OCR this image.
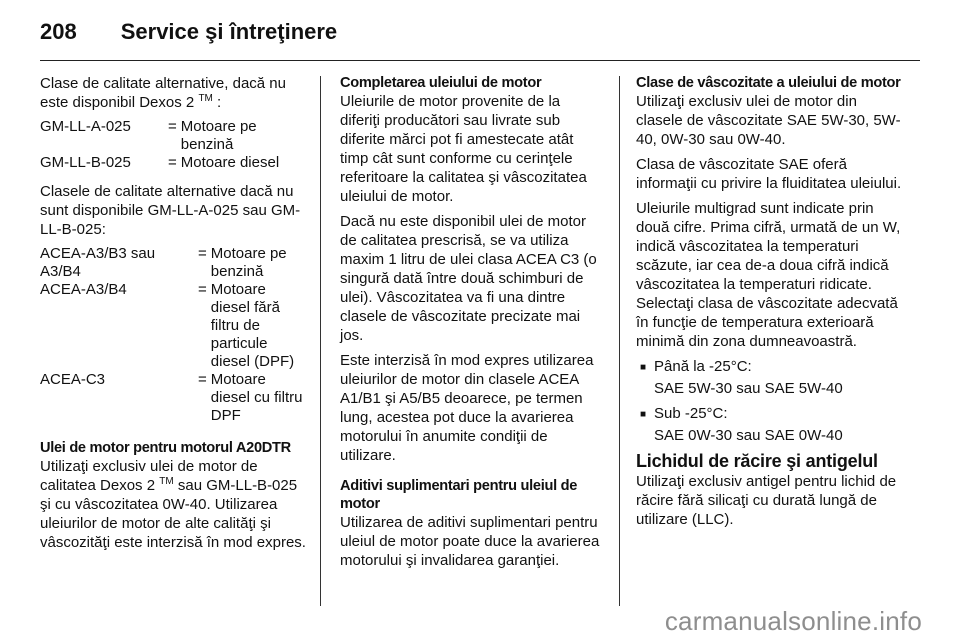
208 Service şi întreţinere

Clase de calitate alternative, dacă nu este disponibil Dexos 2 ™ :

GM-LL-A-025	=	Motoare pe benzină
GM-LL-B-025	=	Motoare diesel

Clasele de calitate alternative dacă nu sunt disponibile GM-LL-A-025 sau GM-LL-B-025:

ACEA-A3/B3 sau A3/B4	=	Motoare pe benzină
ACEA-A3/B4	=	Motoare diesel fără filtru de particule diesel (DPF)
ACEA-C3	=	Motoare diesel cu filtru DPF
Ulei de motor pentru motorul A20DTR

Utilizaţi exclusiv ulei de motor de calitatea Dexos 2 ™ sau GM-LL-B-025 şi cu vâscozitatea 0W-40. Utilizarea uleiurilor de motor de alte calităţi şi vâscozităţi este interzisă în mod expres.

Completarea uleiului de motor

Uleiurile de motor provenite de la diferiţi producători sau livrate sub diferite mărci pot fi amestecate atât timp cât sunt conforme cu cerinţele referitoare la calitatea şi vâscozitatea uleiului de motor.

Dacă nu este disponibil ulei de motor de calitatea prescrisă, se va utiliza maxim 1 litru de ulei clasa ACEA C3 (o singură dată între două schimburi de ulei). Vâscozitatea va fi una dintre clasele de vâscozitate precizate mai jos.

Este interzisă în mod expres utilizarea uleiurilor de motor din clasele ACEA A1/B1 şi A5/B5 deoarece, pe termen lung, acestea pot duce la avarierea motorului în anumite condiţii de utilizare.

Aditivi suplimentari pentru uleiul de motor

Utilizarea de aditivi suplimentari pentru uleiul de motor poate duce la avarierea motorului şi invalidarea garanţiei.

Clase de vâscozitate a uleiului de motor

Utilizaţi exclusiv ulei de motor din clasele de vâscozitate SAE 5W-30, 5W-40, 0W-30 sau 0W-40.

Clasa de vâscozitate SAE oferă informaţii cu privire la fluiditatea uleiului.

Uleiurile multigrad sunt indicate prin două cifre. Prima cifră, urmată de un W, indică vâscozitatea la temperaturi scăzute, iar cea de-a doua cifră indică vâscozitatea la temperaturi ridicate. Selectaţi clasa de vâscozitate adecvată în funcţie de temperatura exterioară minimă din zona dumneavoastră.

■ Până la -25°C:
SAE 5W-30 sau SAE 5W-40
■ Sub -25°C:
SAE 0W-30 sau SAE 0W-40
Lichidul de răcire şi antigelul

Utilizaţi exclusiv antigel pentru lichid de răcire fără silicaţi cu durată lungă de utilizare (LLC).

carmanualsonline.info
